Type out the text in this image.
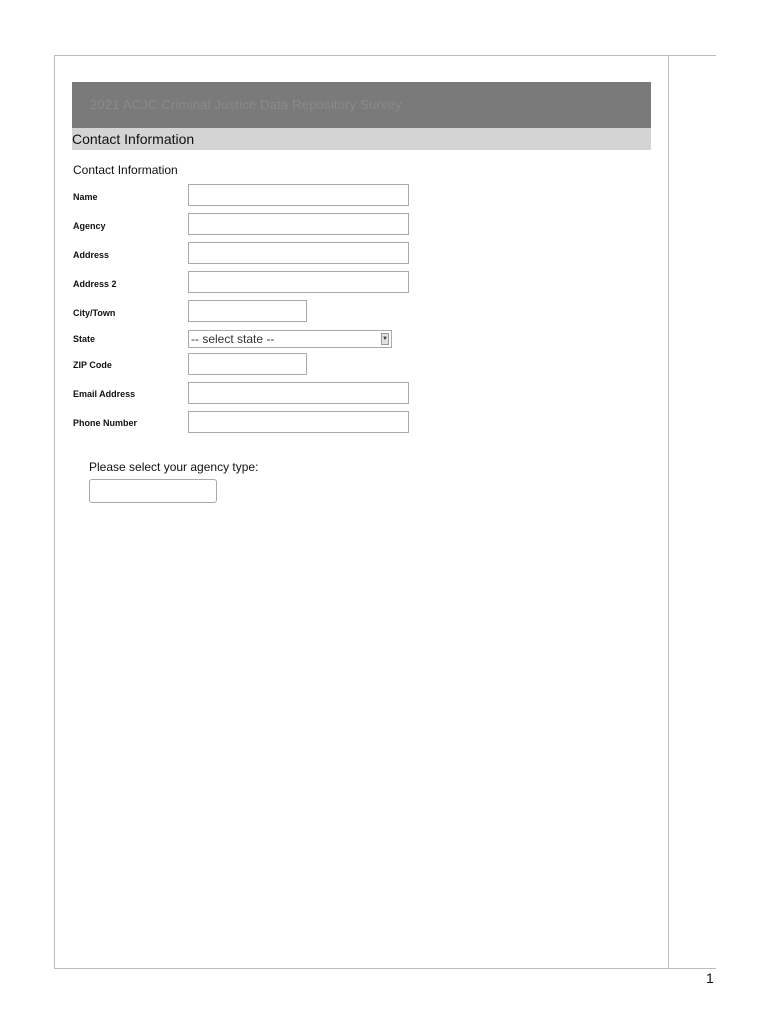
2021 ACJC Criminal Justice Data Repository Survey
Contact Information
Contact Information
Name
Agency
Address
Address 2
City/Town
State	-- select state --	▼
ZIP Code
Email Address
Phone Number
Please select your agency type:
1
